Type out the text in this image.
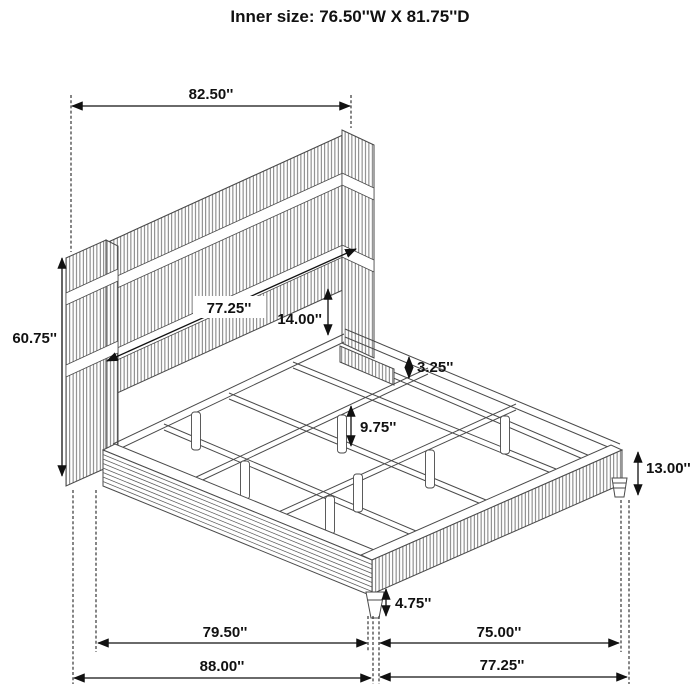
Inner size: 76.50''W X 81.75''D
82.50''
77.25''
14.00''
3.25''
60.75''
9.75''
13.00''
4.75''
79.50''	75.00''
88.00''	77.25''
